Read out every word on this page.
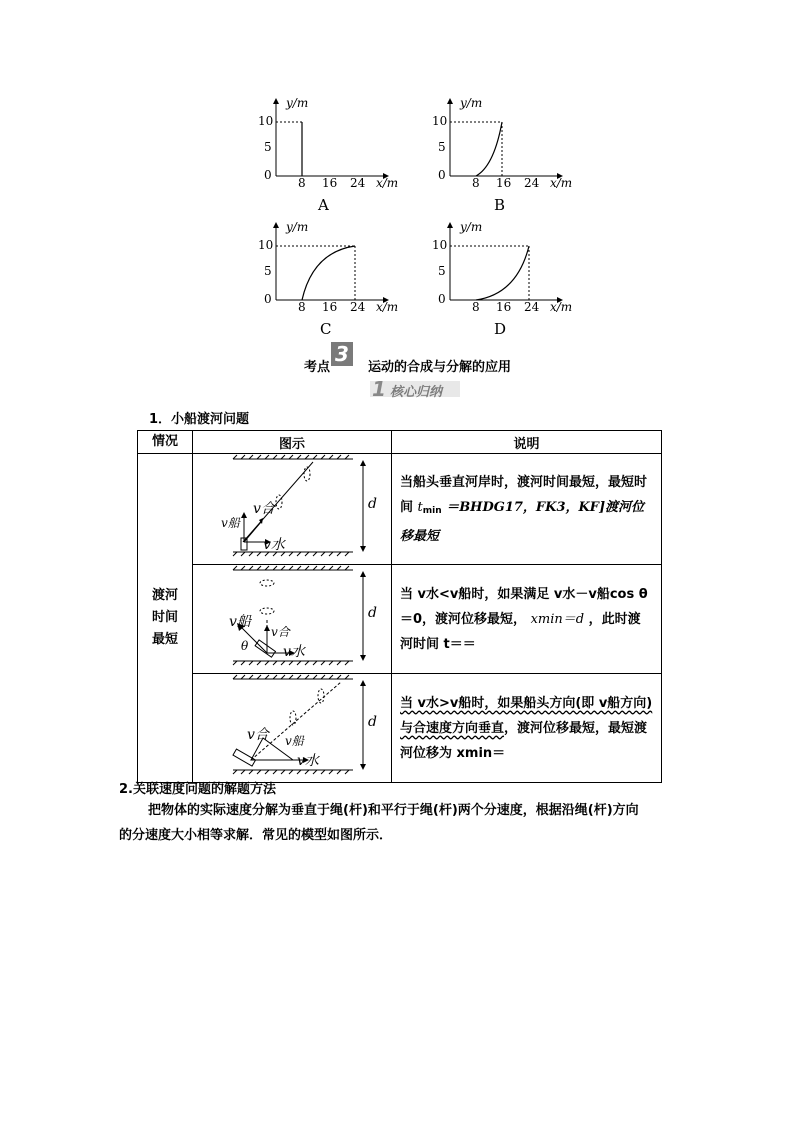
y/m
10
5
0
8 16 24 x/m
A
y/m
10
5
0
8 16 24 x/m
B
y/m
10
5
0
8 16 24 x/m
C
y/m
10
5
0
8 16 24 x/m
D
考点
3
运动的合成与分解的应用
1 核心归纳
1．小船渡河问题
情况	图示	说明

渡河时间最短	v合
v船
v水
d	当船头垂直河岸时，渡河时间最短，最短时间 $t_{min}$ ＝BHDG17，FK3，KF]渡河位移最短

	v船
v合
v水
θ
d	当 v水<v船时，如果满足 v水－v船cos θ＝0，渡河位移最短， xmin＝d ，此时渡河时间 t＝＝

	v合 v船
v水
d	当 v水>v船时，如果船头方向(即 v船方向)与合速度方向垂直，渡河位移最短，最短渡河位移为 xmin＝
2.关联速度问题的解题方法
把物体的实际速度分解为垂直于绳(杆)和平行于绳(杆)两个分速度，根据沿绳(杆)方向
的分速度大小相等求解．常见的模型如图所示．
